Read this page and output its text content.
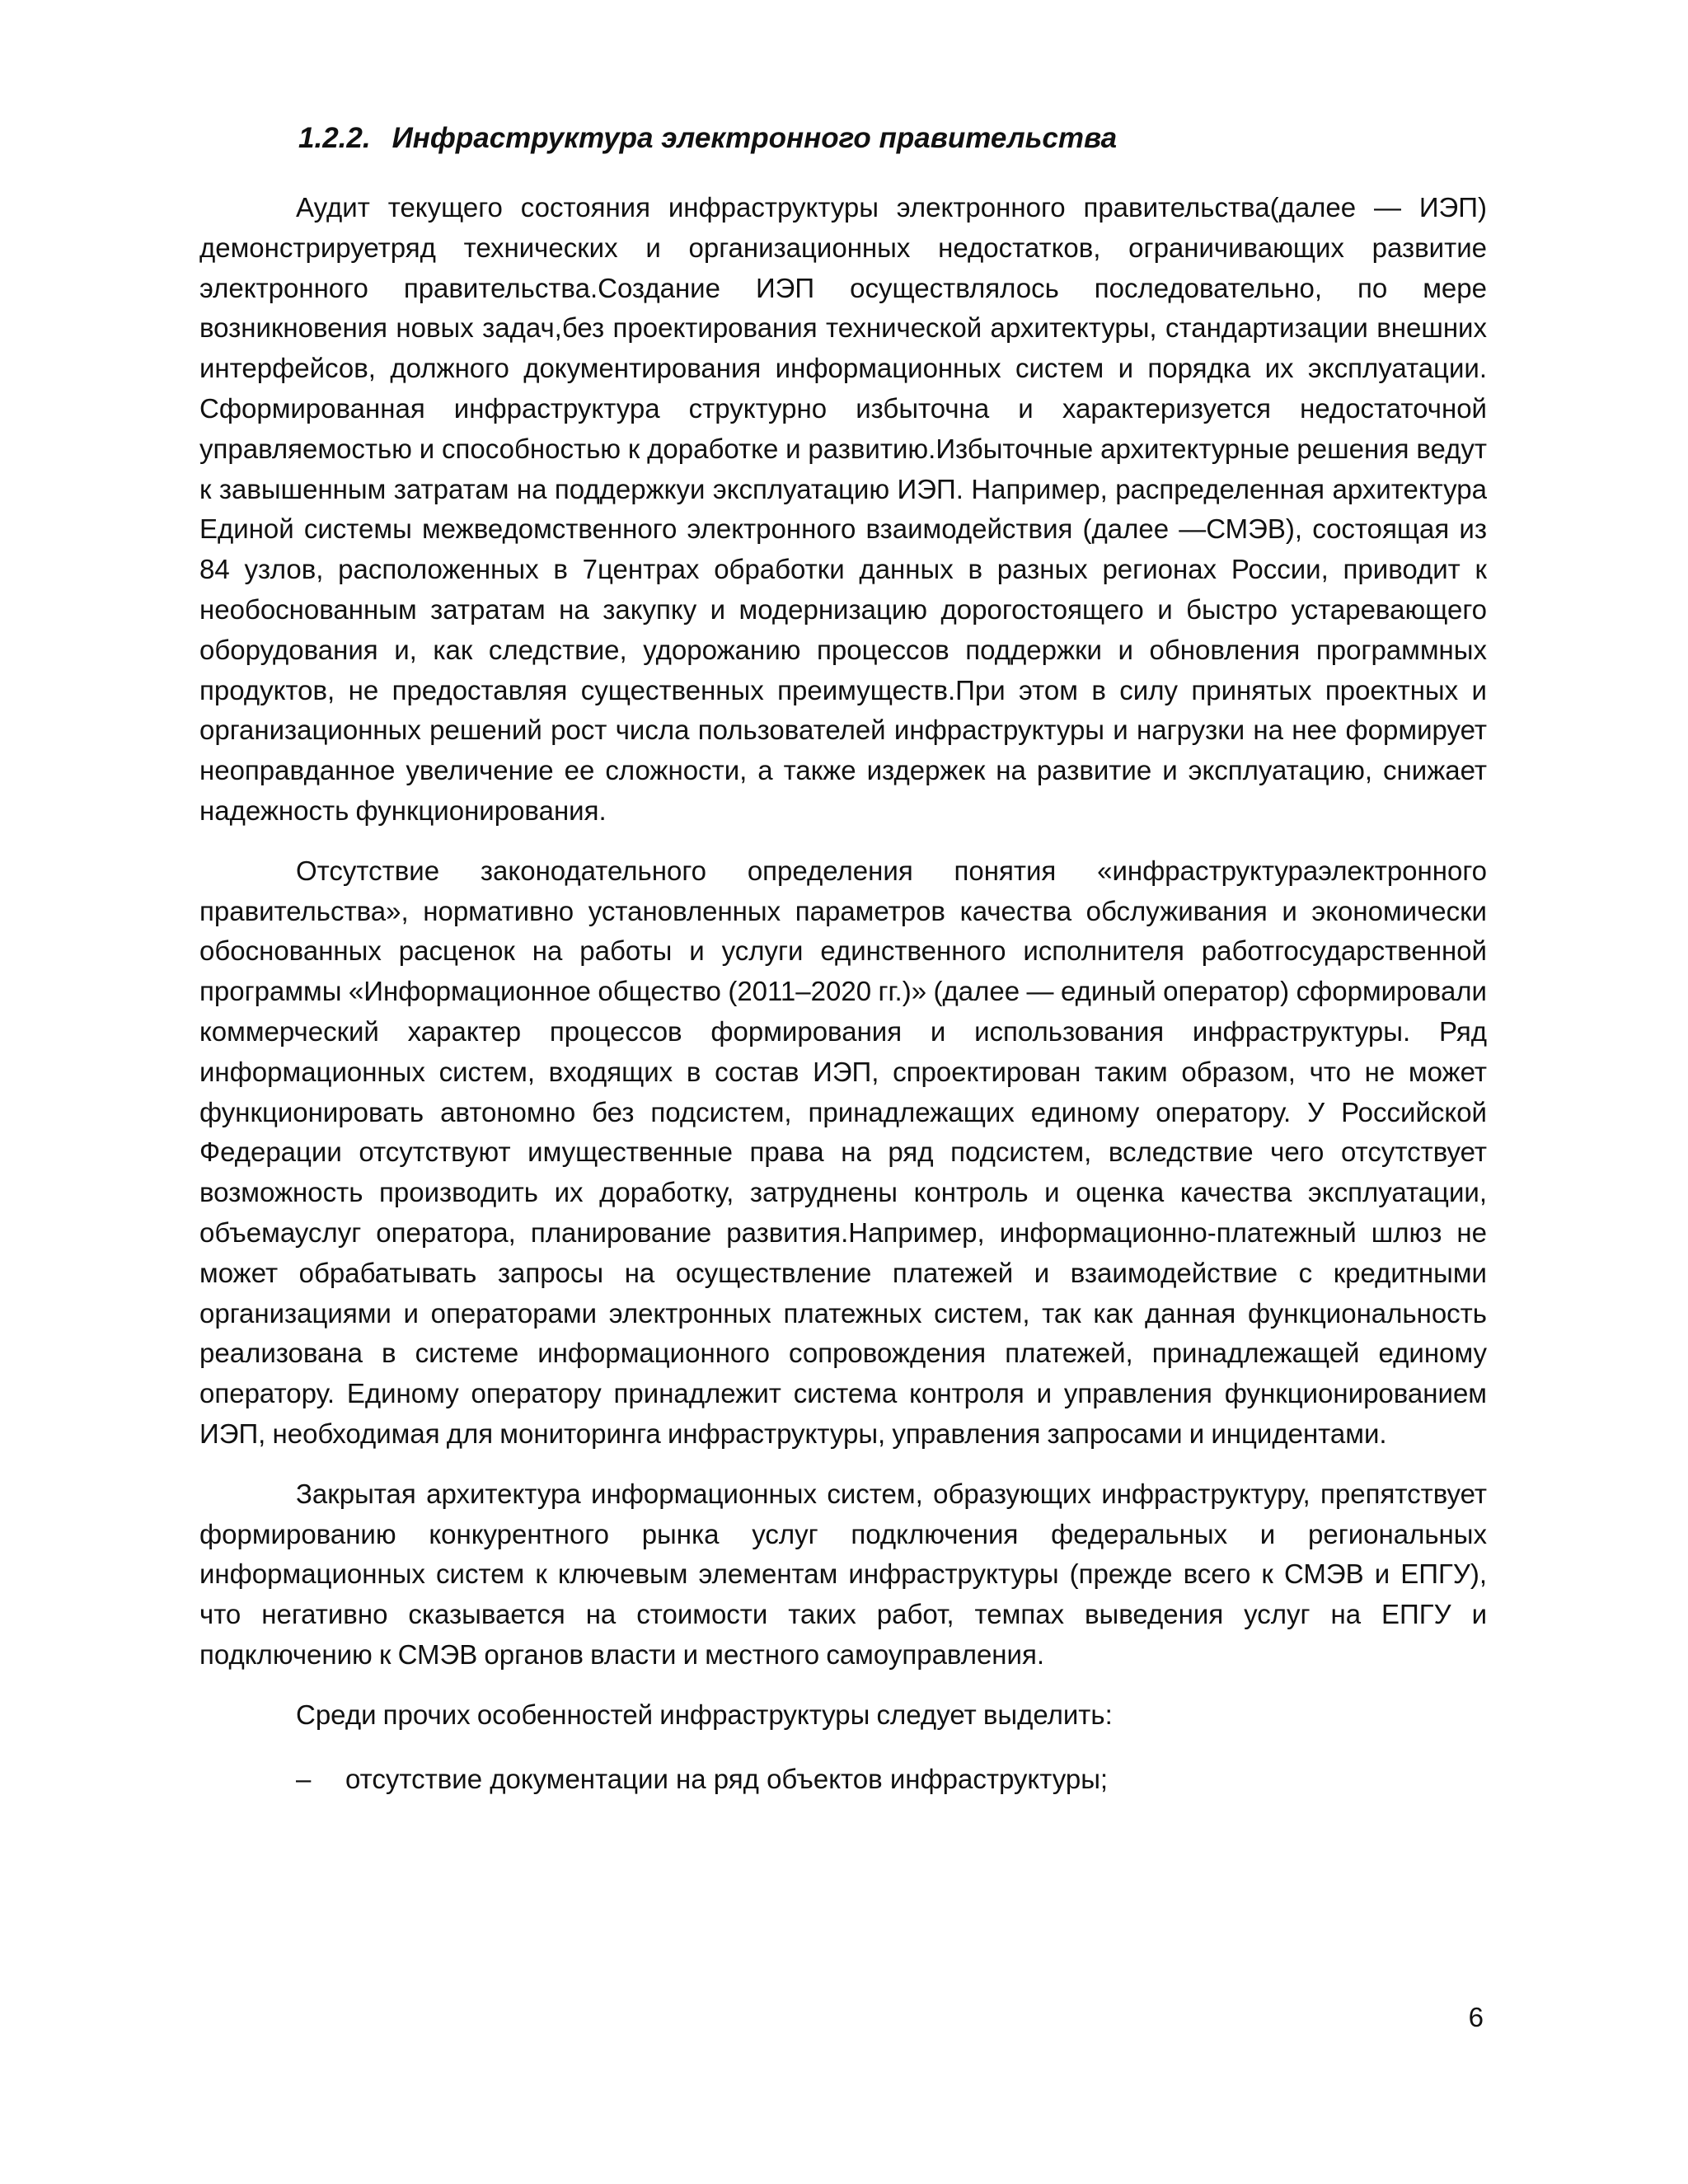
1.2.2. Инфраструктура электронного правительства

Аудит текущего состояния инфраструктуры электронного правительства(далее — ИЭП) демонстрируетряд технических и организационных недостатков, ограничивающих развитие электронного правительства.Создание ИЭП осуществлялось последовательно, по мере возникновения новых задач,без проектирования технической архитектуры, стандартизации внешних интерфейсов, должного документирования информационных систем и порядка их эксплуатации. Сформированная инфраструктура структурно избыточна и характеризуется недостаточной управляемостью и способностью к доработке и развитию.Избыточные архитектурные решения ведут к завышенным затратам на поддержкуи эксплуатацию ИЭП. Например, распределенная архитектура Единой системы межведомственного электронного взаимодействия (далее —СМЭВ), состоящая из 84 узлов, расположенных в 7центрах обработки данных в разных регионах России, приводит к необоснованным затратам на закупку и модернизацию дорогостоящего и быстро устаревающего оборудования и, как следствие, удорожанию процессов поддержки и обновления программных продуктов, не предоставляя существенных преимуществ.При этом в силу принятых проектных и организационных решений рост числа пользователей инфраструктуры и нагрузки на нее формирует неоправданное увеличение ее сложности, а также издержек на развитие и эксплуатацию, снижает надежность функционирования.

Отсутствие законодательного определения понятия «инфраструктураэлектронного правительства», нормативно установленных параметров качества обслуживания и экономически обоснованных расценок на работы и услуги единственного исполнителя работгосударственной программы «Информационное общество (2011–2020 гг.)» (далее — единый оператор) сформировали коммерческий характер процессов формирования и использования инфраструктуры. Ряд информационных систем, входящих в состав ИЭП, спроектирован таким образом, что не может функционировать автономно без подсистем, принадлежащих единому оператору. У Российской Федерации отсутствуют имущественные права на ряд подсистем, вследствие чего отсутствует возможность производить их доработку, затруднены контроль и оценка качества эксплуатации, объемауслуг оператора, планирование развития.Например, информационно-платежный шлюз не может обрабатывать запросы на осуществление платежей и взаимодействие с кредитными организациями и операторами электронных платежных систем, так как данная функциональность реализована в системе информационного сопровождения платежей, принадлежащей единому оператору. Единому оператору принадлежит система контроля и управления функционированием ИЭП, необходимая для мониторинга инфраструктуры, управления запросами и инцидентами.

Закрытая архитектура информационных систем, образующих инфраструктуру, препятствует формированию конкурентного рынка услуг подключения федеральных и региональных информационных систем к ключевым элементам инфраструктуры (прежде всего к СМЭВ и ЕПГУ), что негативно сказывается на стоимости таких работ, темпах выведения услуг на ЕПГУ и подключению к СМЭВ органов власти и местного самоуправления.

Среди прочих особенностей инфраструктуры следует выделить:

– отсутствие документации на ряд объектов инфраструктуры;
6
